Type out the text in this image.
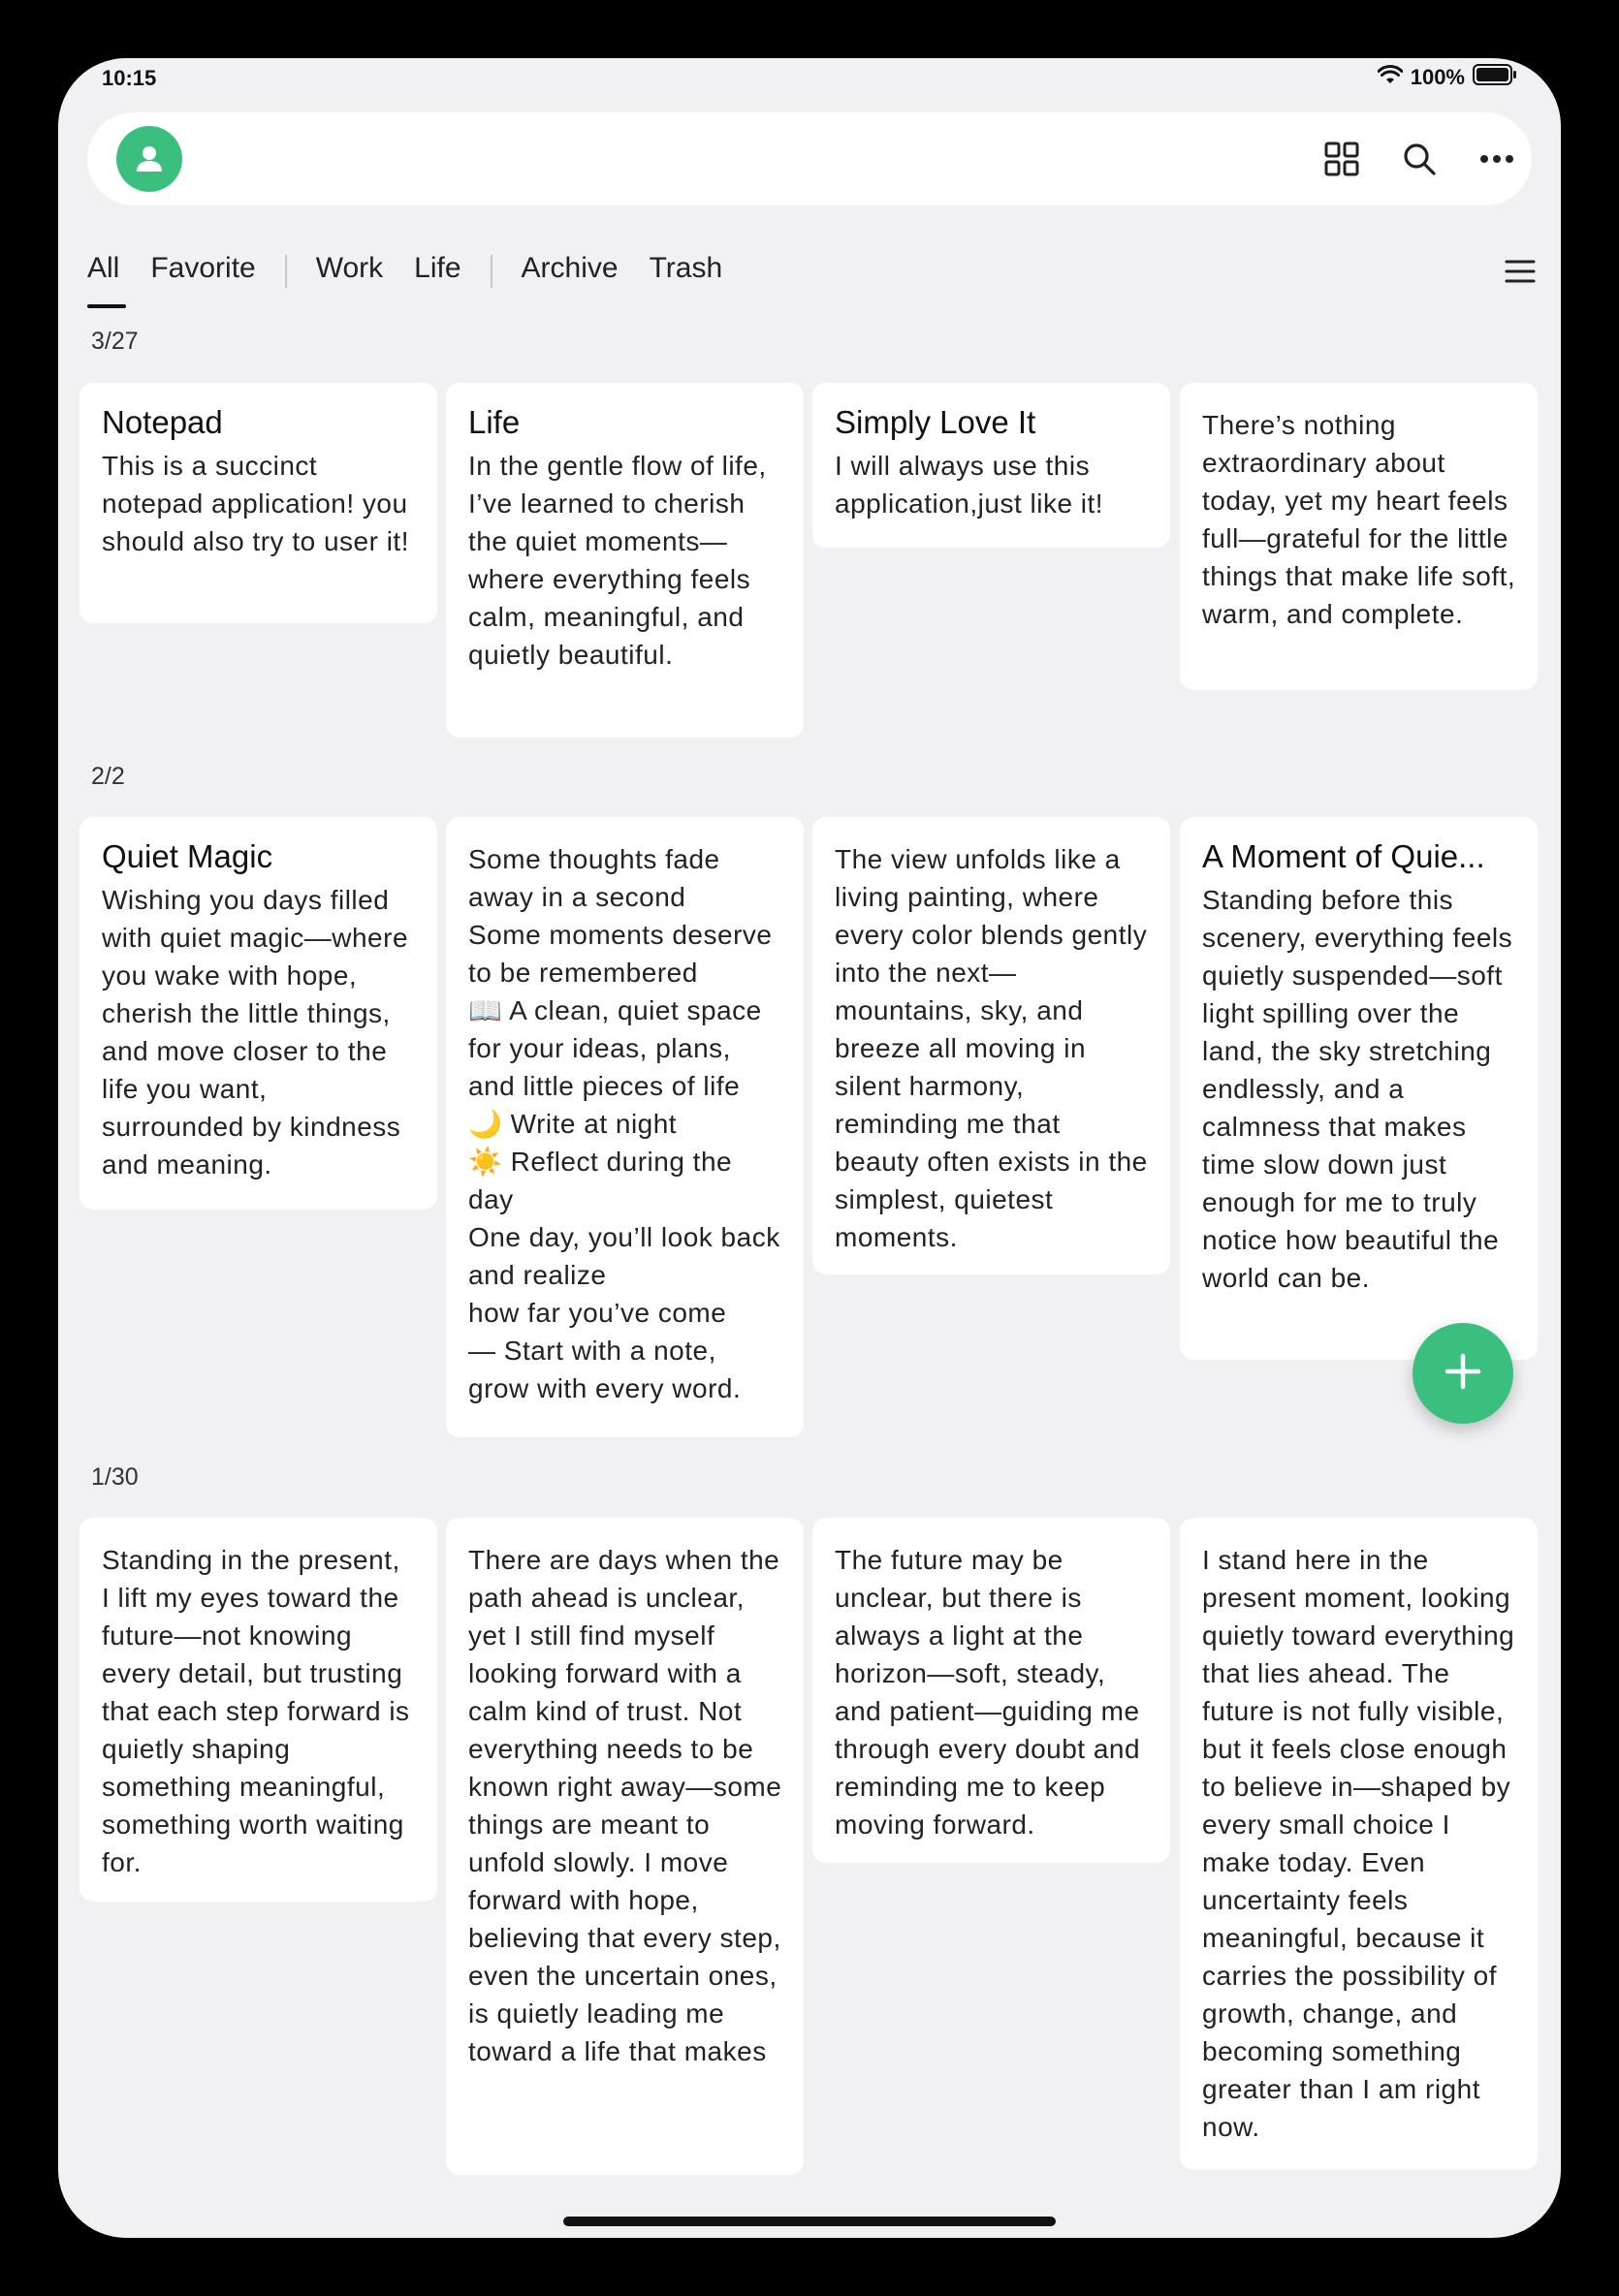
10:15	100%
All Favorite Work Life Archive Trash
3/27
Notepad
This is a succinct notepad application! you should also try to user it!
Life
In the gentle flow of life, I’ve learned to cherish the quiet moments—where everything feels calm, meaningful, and quietly beautiful.
Simply Love It
I will always use this application,just like it!
There’s nothing extraordinary about today, yet my heart feels full—grateful for the little things that make life soft, warm, and complete.
2/2
Quiet Magic
Wishing you days filled with quiet magic—where you wake with hope, cherish the little things, and move closer to the life you want, surrounded by kindness and meaning.
Some thoughts fade away in a second
Some moments deserve to be remembered
📖 A clean, quiet space for your ideas, plans, and little pieces of life
🌙 Write at night
☀️ Reflect during the day
One day, you’ll look back and realize
how far you’ve come
— Start with a note, grow with every word.
The view unfolds like a living painting, where every color blends gently into the next—mountains, sky, and breeze all moving in silent harmony, reminding me that beauty often exists in the simplest, quietest moments.
A Moment of Quie...
Standing before this scenery, everything feels quietly suspended—soft light spilling over the land, the sky stretching endlessly, and a calmness that makes time slow down just enough for me to truly notice how beautiful the world can be.
1/30
Standing in the present, I lift my eyes toward the future—not knowing every detail, but trusting that each step forward is quietly shaping something meaningful, something worth waiting for.
There are days when the path ahead is unclear, yet I still find myself looking forward with a calm kind of trust. Not everything needs to be known right away—some things are meant to unfold slowly. I move forward with hope, believing that every step, even the uncertain ones, is quietly leading me toward a life that makes
The future may be unclear, but there is always a light at the horizon—soft, steady, and patient—guiding me through every doubt and reminding me to keep moving forward.
I stand here in the present moment, looking quietly toward everything that lies ahead. The future is not fully visible, but it feels close enough to believe in—shaped by every small choice I make today. Even uncertainty feels meaningful, because it carries the possibility of growth, change, and becoming something greater than I am right now.
